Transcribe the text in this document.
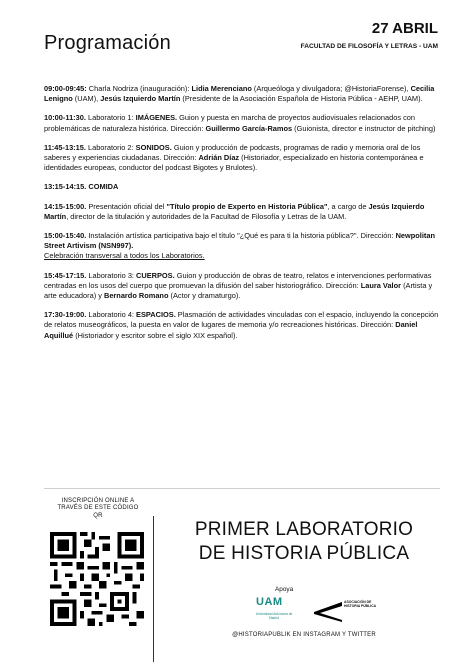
Programación
27 ABRIL
FACULTAD DE FILOSOFÍA Y LETRAS - UAM
09:00-09:45: Charla Nodriza (inauguración): Lidia Merenciano (Arqueóloga y divulgadora; @HistoriaForense), Cecilia Lenigno (UAM), Jesús Izquierdo Martín (Presidente de la Asociación Española de Historia Pública - AEHP, UAM).
10:00-11:30. Laboratorio 1: IMÁGENES. Guion y puesta en marcha de proyectos audiovisuales relacionados con problemáticas de naturaleza histórica. Dirección: Guillermo García-Ramos (Guionista, director e instructor de pitching)
11:45-13:15. Laboratorio 2: SONIDOS. Guion y producción de podcasts, programas de radio y memoria oral de los saberes y experiencias ciudadanas. Dirección: Adrián Díaz (Historiador, especializado en historia contemporánea e identidades europeas, conductor del podcast Bigotes y Brulotes).
13:15-14:15. COMIDA
14:15-15:00. Presentación oficial del "Título propio de Experto en Historia Pública", a cargo de Jesús Izquierdo Martín, director de la titulación y autoridades de la Facultad de Filosofía y Letras de la UAM.
15:00-15:40. Instalación artística participativa bajo el título "¿Qué es para ti la historia pública?". Dirección: Newpolitan Street Artivism (NSN997).
Celebración transversal a todos los Laboratorios.
15:45-17:15. Laboratorio 3: CUERPOS. Guion y producción de obras de teatro, relatos e intervenciones performativas centradas en los usos del cuerpo que promuevan la difusión del saber historiográfico. Dirección: Laura Valor (Artista y arte educadora) y Bernardo Romano (Actor y dramaturgo).
17:30-19:00. Laboratorio 4: ESPACIOS. Plasmación de actividades vinculadas con el espacio, incluyendo la concepción de relatos museográficos, la puesta en valor de lugares de memoria y/o recreaciones históricas. Dirección: Daniel Aquillué (Historiador y escritor sobre el siglo XIX español).
INSCRIPCIÓN ONLINE A TRAVÉS DE ESTE CÓDIGO QR
PRIMER LABORATORIO
DE HISTORIA PÚBLICA
Apoya
UAM
Universidad Autónoma de Madrid
ASOCIACIÓN DE HISTORIA PÚBLICA
@HISTORIAPUBLIK EN INSTAGRAM Y TWITTER
